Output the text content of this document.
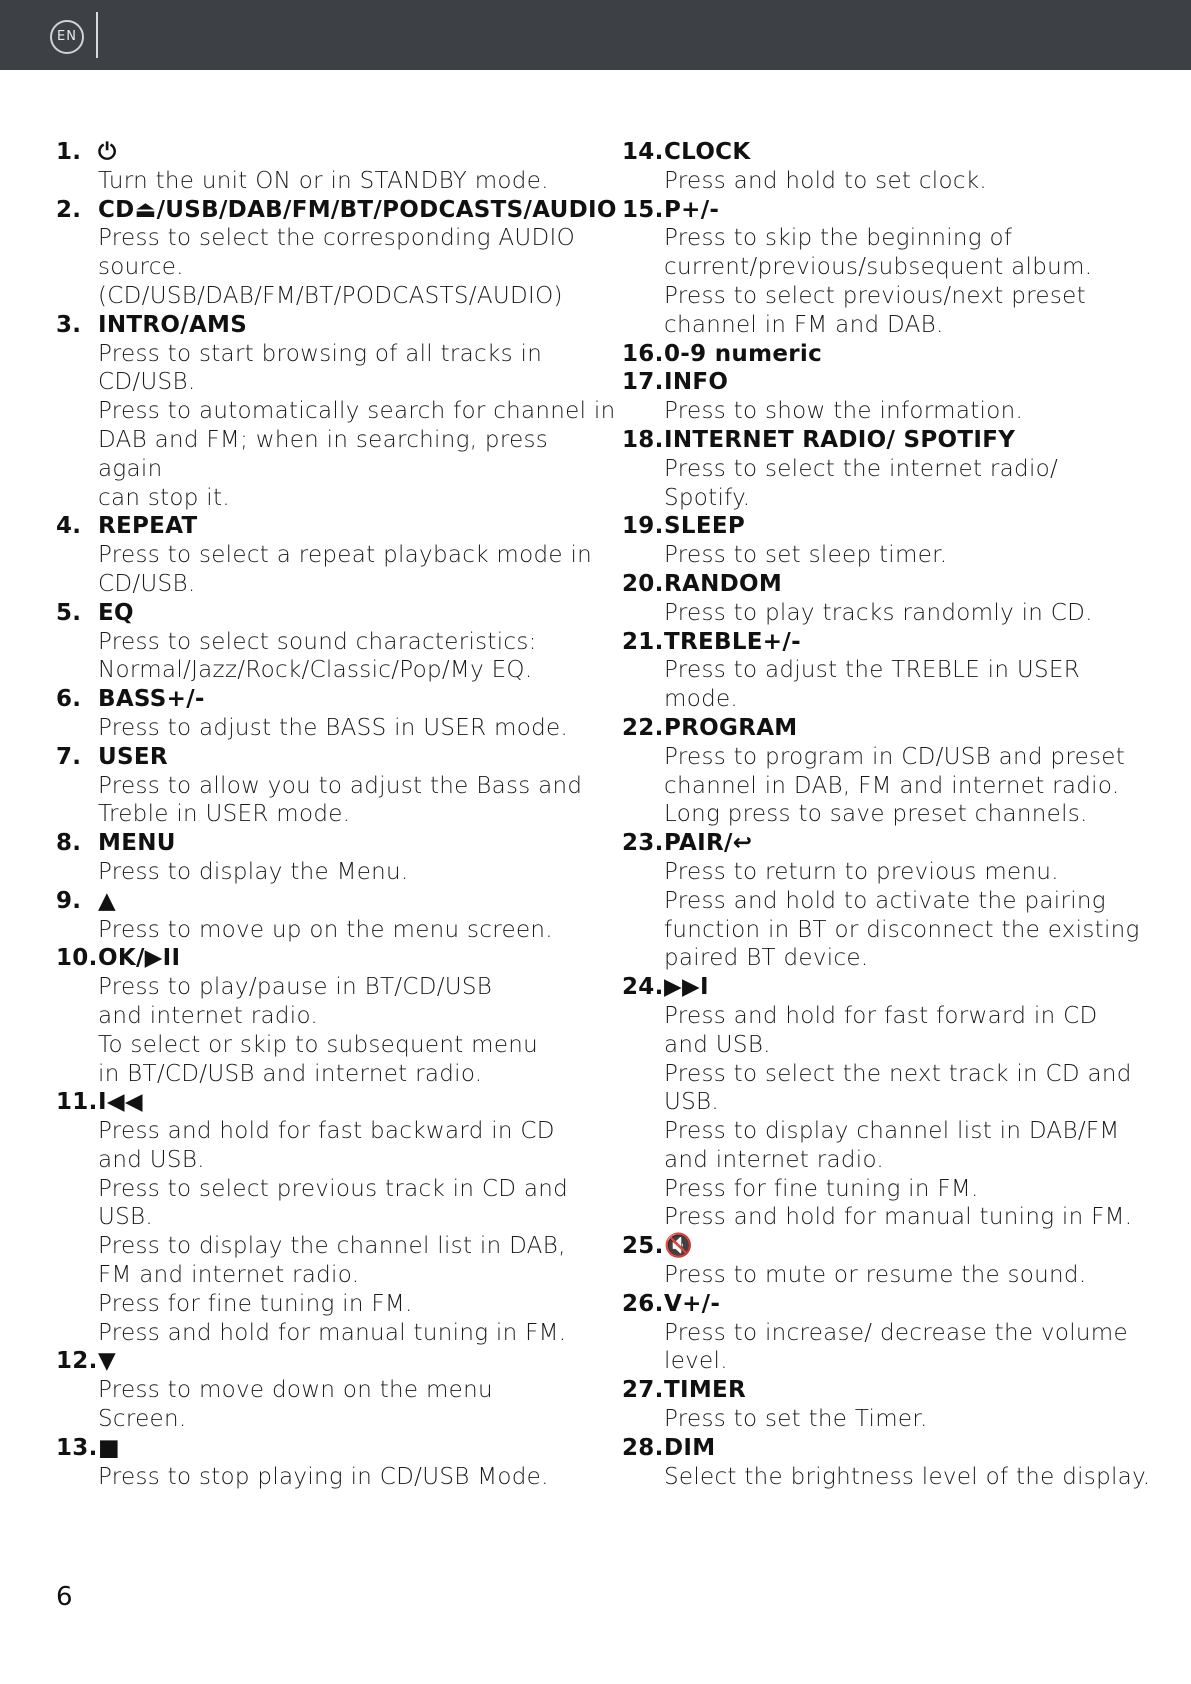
EN
1. ⏻
Turn the unit ON or in STANDBY mode.
2. CD⏏/USB/DAB/FM/BT/PODCASTS/AUDIO
Press to select the corresponding AUDIO
source.
(CD/USB/DAB/FM/BT/PODCASTS/AUDIO)
3. INTRO/AMS
Press to start browsing of all tracks in
CD/USB.
Press to automatically search for channel in
DAB and FM; when in searching, press again
can stop it.
4. REPEAT
Press to select a repeat playback mode in
CD/USB.
5. EQ
Press to select sound characteristics:
Normal/Jazz/Rock/Classic/Pop/My EQ.
6. BASS+/-
Press to adjust the BASS in USER mode.
7. USER
Press to allow you to adjust the Bass and
Treble in USER mode.
8. MENU
Press to display the Menu.
9. ▲
Press to move up on the menu screen.
10. OK/▶II
Press to play/pause in BT/CD/USB
and internet radio.
To select or skip to subsequent menu
in BT/CD/USB and internet radio.
11. I◀◀
Press and hold for fast backward in CD
and USB.
Press to select previous track in CD and
USB.
Press to display the channel list in DAB,
FM and internet radio.
Press for fine tuning in FM.
Press and hold for manual tuning in FM.
12. ▼
Press to move down on the menu
Screen.
13. ■
Press to stop playing in CD/USB Mode.
14. CLOCK
Press and hold to set clock.
15. P+/-
Press to skip the beginning of
current/previous/subsequent album.
Press to select previous/next preset
channel in FM and DAB.
16. 0-9 numeric
17. INFO
Press to show the information.
18. INTERNET RADIO/ SPOTIFY
Press to select the internet radio/
Spotify.
19. SLEEP
Press to set sleep timer.
20. RANDOM
Press to play tracks randomly in CD.
21. TREBLE+/-
Press to adjust the TREBLE in USER
mode.
22. PROGRAM
Press to program in CD/USB and preset
channel in DAB, FM and internet radio.
Long press to save preset channels.
23. PAIR/↩
Press to return to previous menu.
Press and hold to activate the pairing
function in BT or disconnect the existing
paired BT device.
24. ▶▶I
Press and hold for fast forward in CD
and USB.
Press to select the next track in CD and
USB.
Press to display channel list in DAB/FM
and internet radio.
Press for fine tuning in FM.
Press and hold for manual tuning in FM.
25. 🔇
Press to mute or resume the sound.
26. V+/-
Press to increase/ decrease the volume
level.
27. TIMER
Press to set the Timer.
28. DIM
Select the brightness level of the display.
6
